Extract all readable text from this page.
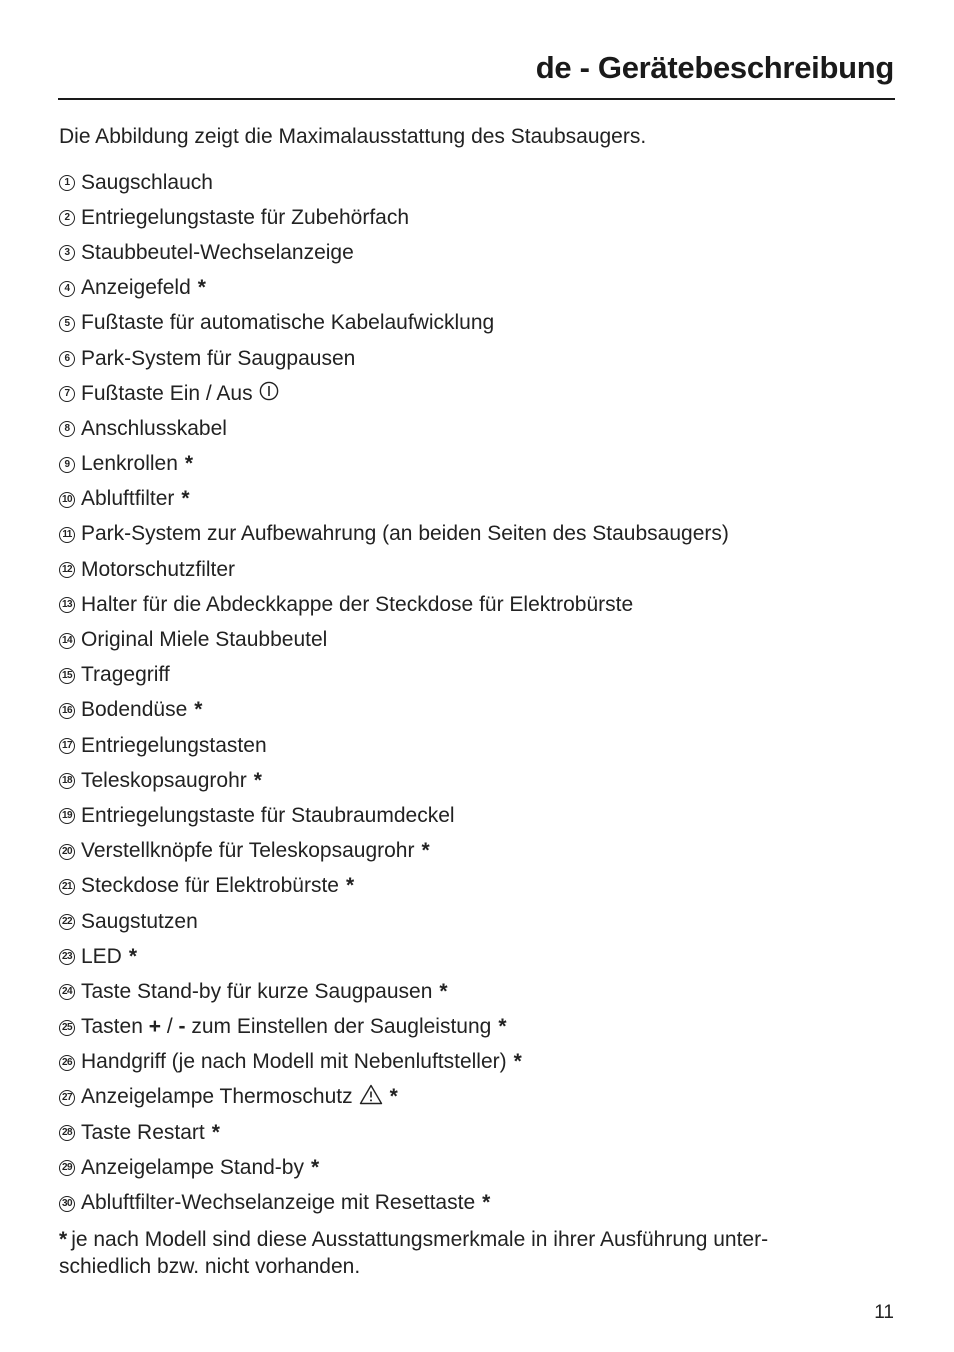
de - Gerätebeschreibung
Die Abbildung zeigt die Maximalausstattung des Staubsaugers.
1 Saugschlauch
2 Entriegelungstaste für Zubehörfach
3 Staubbeutel-Wechselanzeige
4 Anzeigefeld *
5 Fußtaste für automatische Kabelaufwicklung
6 Park-System für Saugpausen
7 Fußtaste Ein / Aus
8 Anschlusskabel
9 Lenkrollen *
10 Abluftfilter *
11 Park-System zur Aufbewahrung (an beiden Seiten des Staubsaugers)
12 Motorschutzfilter
13 Halter für die Abdeckkappe der Steckdose für Elektrobürste
14 Original Miele Staubbeutel
15 Tragegriff
16 Bodendüse *
17 Entriegelungstasten
18 Teleskopsaugrohr *
19 Entriegelungstaste für Staubraumdeckel
20 Verstellknöpfe für Teleskopsaugrohr *
21 Steckdose für Elektrobürste *
22 Saugstutzen
23 LED *
24 Taste Stand-by für kurze Saugpausen *
25 Tasten + / - zum Einstellen der Saugleistung *
26 Handgriff (je nach Modell mit Nebenluftsteller) *
27 Anzeigelampe Thermoschutz *
28 Taste Restart *
29 Anzeigelampe Stand-by *
30 Abluftfilter-Wechselanzeige mit Resettaste *
* je nach Modell sind diese Ausstattungsmerkmale in ihrer Ausführung unter-
schiedlich bzw. nicht vorhanden.
11
